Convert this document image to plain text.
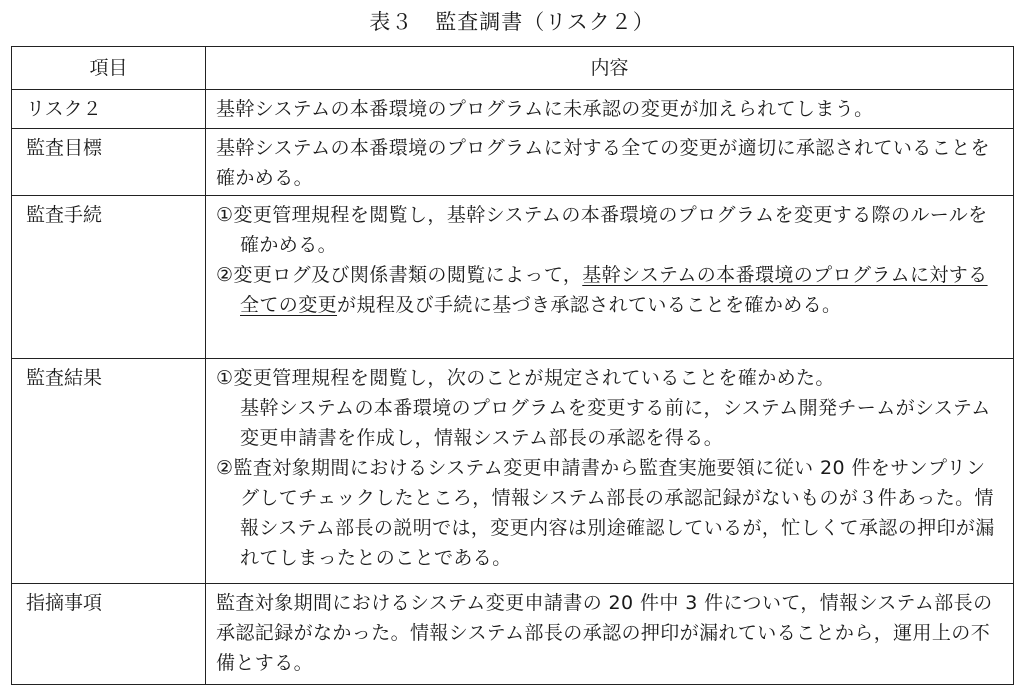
表３　監査調書（リスク２）
項目	内容
リスク２	基幹システムの本番環境のプログラムに未承認の変更が加えられてしまう。
監査目標	基幹システムの本番環境のプログラムに対する全ての変更が適切に承認されていることを確かめる。
監査手続	①変更管理規程を閲覧し，基幹システムの本番環境のプログラムを変更する際のルールを確かめる。

②変更ログ及び関係書類の閲覧によって，基幹システムの本番環境のプログラムに対する全ての変更が規程及び手続に基づき承認されていることを確かめる。

監査結果	①変更管理規程を閲覧し，次のことが規定されていることを確かめた。

基幹システムの本番環境のプログラムを変更する前に，システム開発チームがシステム変更申請書を作成し，情報システム部長の承認を得る。

②監査対象期間におけるシステム変更申請書から監査実施要領に従い 20 件をサンプリングしてチェックしたところ，情報システム部長の承認記録がないものが３件あった。情報システム部長の説明では，変更内容は別途確認しているが，忙しくて承認の押印が漏れてしまったとのことである。

指摘事項	監査対象期間におけるシステム変更申請書の 20 件中 3 件について，情報システム部長の承認記録がなかった。情報システム部長の承認の押印が漏れていることから，運用上の不備とする。
